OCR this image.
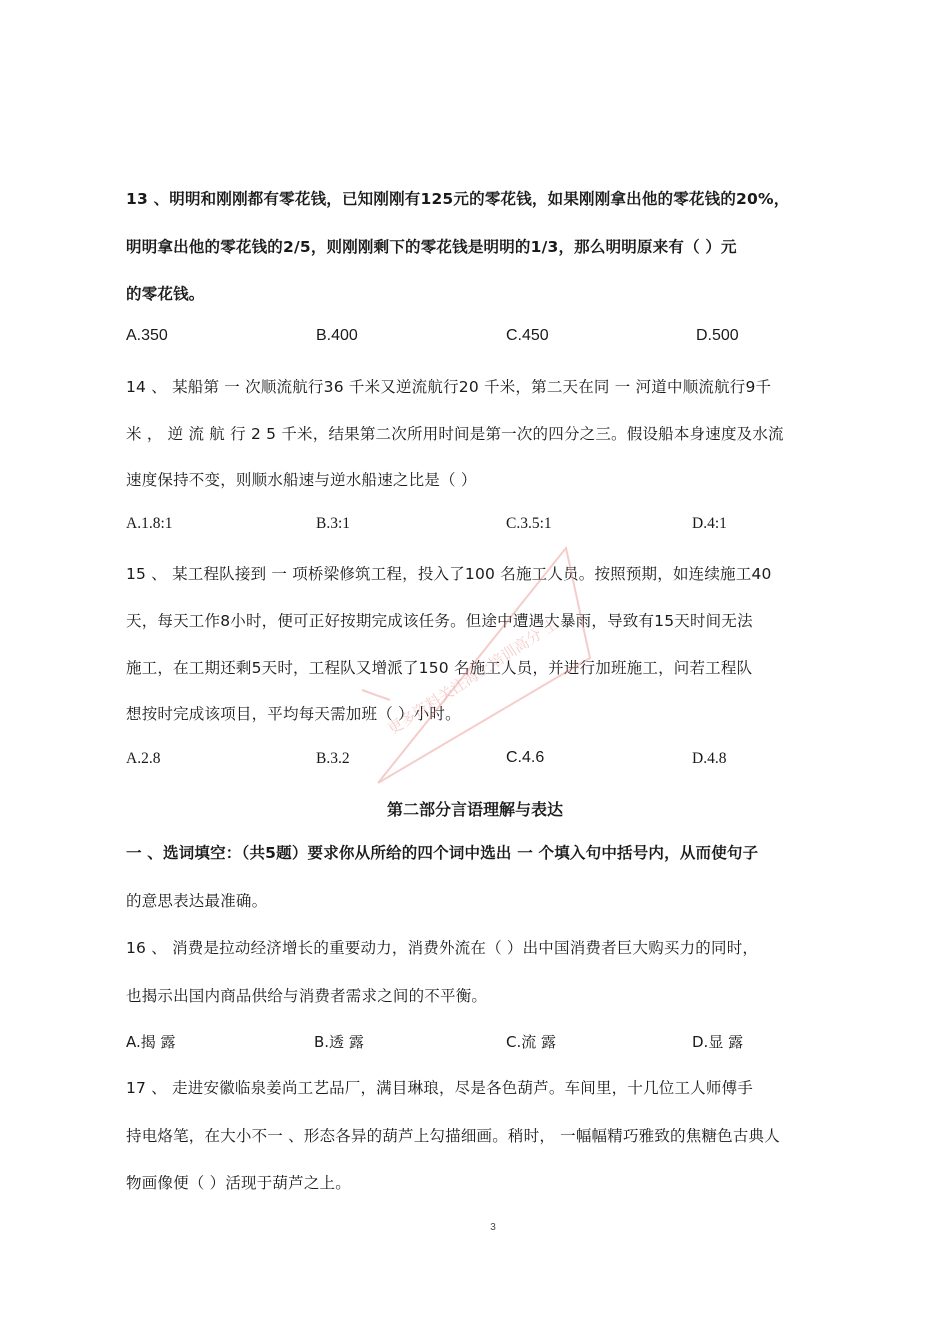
13 、明明和刚刚都有零花钱，已知刚刚有125元的零花钱，如果刚刚拿出他的零花钱的20%，
明明拿出他的零花钱的2/5，则刚刚剩下的零花钱是明明的1/3，那么明明原来有（ ）元
的零花钱。
A.350	B.400	C.450	D.500
14 、 某船第 一 次顺流航行36 千米又逆流航行20 千米，第二天在同 一 河道中顺流航行9千
米 ， 逆 流 航 行 2 5 千米，结果第二次所用时间是第一次的四分之三。假设船本身速度及水流
速度保持不变，则顺水船速与逆水船速之比是（ ）
A.1.8:1	B.3:1	C.3.5:1	D.4:1
15 、 某工程队接到 一 项桥梁修筑工程，投入了100 名施工人员。按照预期，如连续施工40
天，每天工作8小时，便可正好按期完成该任务。但途中遭遇大暴雨，导致有15天时间无法
施工，在工期还剩5天时，工程队又增派了150 名施工人员，并进行加班施工，问若工程队
想按时完成该项目，平均每天需加班（ ）小时。
A.2.8	B.3.2	C.4.6	D.4.8
第二部分言语理解与表达
一 、选词填空：（共5题）要求你从所给的四个词中选出 一 个填入句中括号内，从而使句子
的意思表达最准确。
16 、 消费是拉动经济增长的重要动力，消费外流在（ ）出中国消费者巨大购买力的同时，
也揭示出国内商品供给与消费者需求之间的不平衡。
A.揭 露	B.透 露	C.流 露	D.显 露
17 、 走进安徽临泉姜尚工艺品厂，满目琳琅，尽是各色葫芦。车间里，十几位工人师傅手
持电烙笔，在大小不一 、形态各异的葫芦上勾描细画。稍时， 一幅幅精巧雅致的焦糖色古典人
物画像便（ ）活现于葫芦之上。
更多资料关注海上培训高分 上
3
